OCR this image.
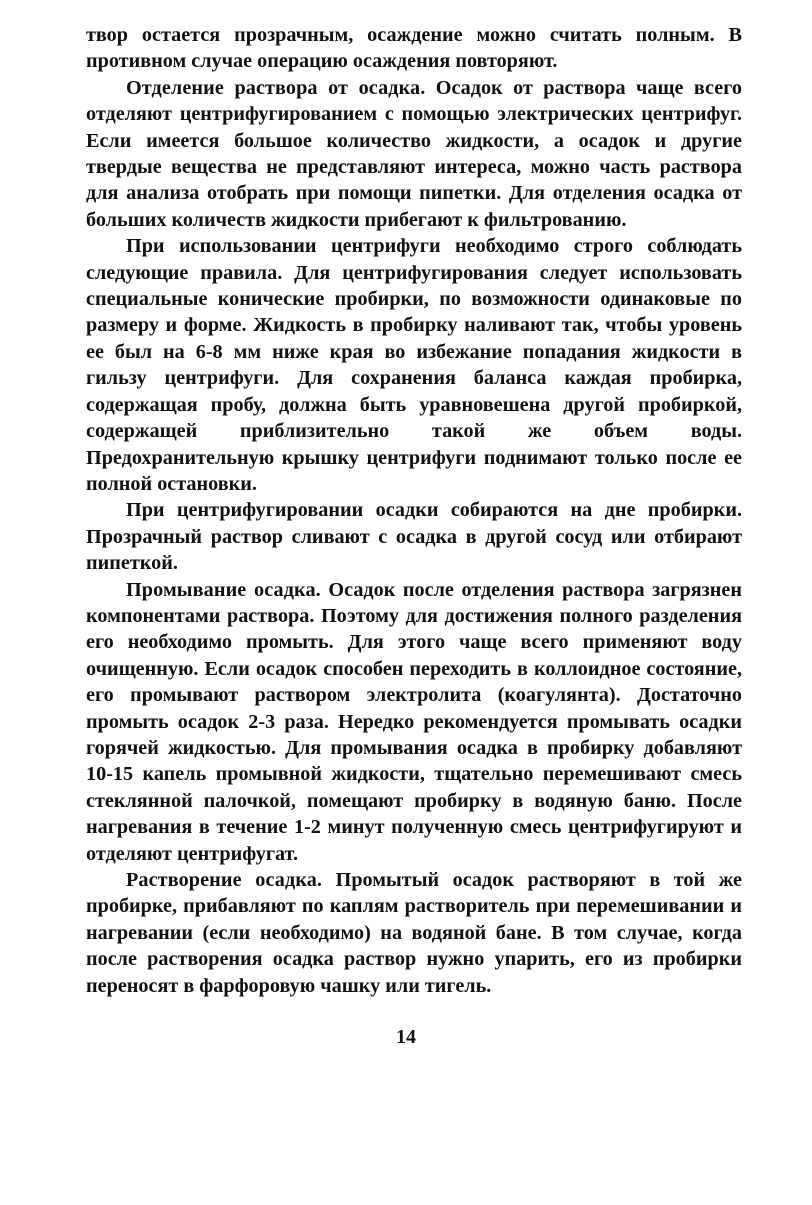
твор остается прозрачным, осаждение можно считать полным. В противном случае операцию осаждения повторяют.

Отделение раствора от осадка. Осадок от раствора чаще всего отделяют центрифугированием с помощью электрических центрифуг. Если имеется большое количество жидкости, а осадок и другие твердые вещества не представляют интереса, можно часть раствора для анализа отобрать при помощи пипетки. Для отделения осадка от больших количеств жидкости прибегают к фильтрованию.

При использовании центрифуги необходимо строго соблюдать следующие правила. Для центрифугирования следует использовать специальные конические пробирки, по возможности одинаковые по размеру и форме. Жидкость в пробирку наливают так, чтобы уровень ее был на 6-8 мм ниже края во избежание попадания жидкости в гильзу центрифуги. Для сохранения баланса каждая пробирка, содержащая пробу, должна быть уравновешена другой пробиркой, содержащей приблизительно такой же объем воды. Предохранительную крышку центрифуги поднимают только после ее полной остановки.

При центрифугировании осадки собираются на дне пробирки. Прозрачный раствор сливают с осадка в другой сосуд или отбирают пипеткой.

Промывание осадка. Осадок после отделения раствора загрязнен компонентами раствора. Поэтому для достижения полного разделения его необходимо промыть. Для этого чаще всего применяют воду очищенную. Если осадок способен переходить в коллоидное состояние, его промывают раствором электролита (коагулянта). Достаточно промыть осадок 2-3 раза. Нередко рекомендуется промывать осадки горячей жидкостью. Для промывания осадка в пробирку добавляют 10-15 капель промывной жидкости, тщательно перемешивают смесь стеклянной палочкой, помещают пробирку в водяную баню. После нагревания в течение 1-2 минут полученную смесь центрифугируют и отделяют центрифугат.

Растворение осадка. Промытый осадок растворяют в той же пробирке, прибавляют по каплям растворитель при перемешивании и нагревании (если необходимо) на водяной бане. В том случае, когда после растворения осадка раствор нужно упарить, его из пробирки переносят в фарфоровую чашку или тигель.

14
